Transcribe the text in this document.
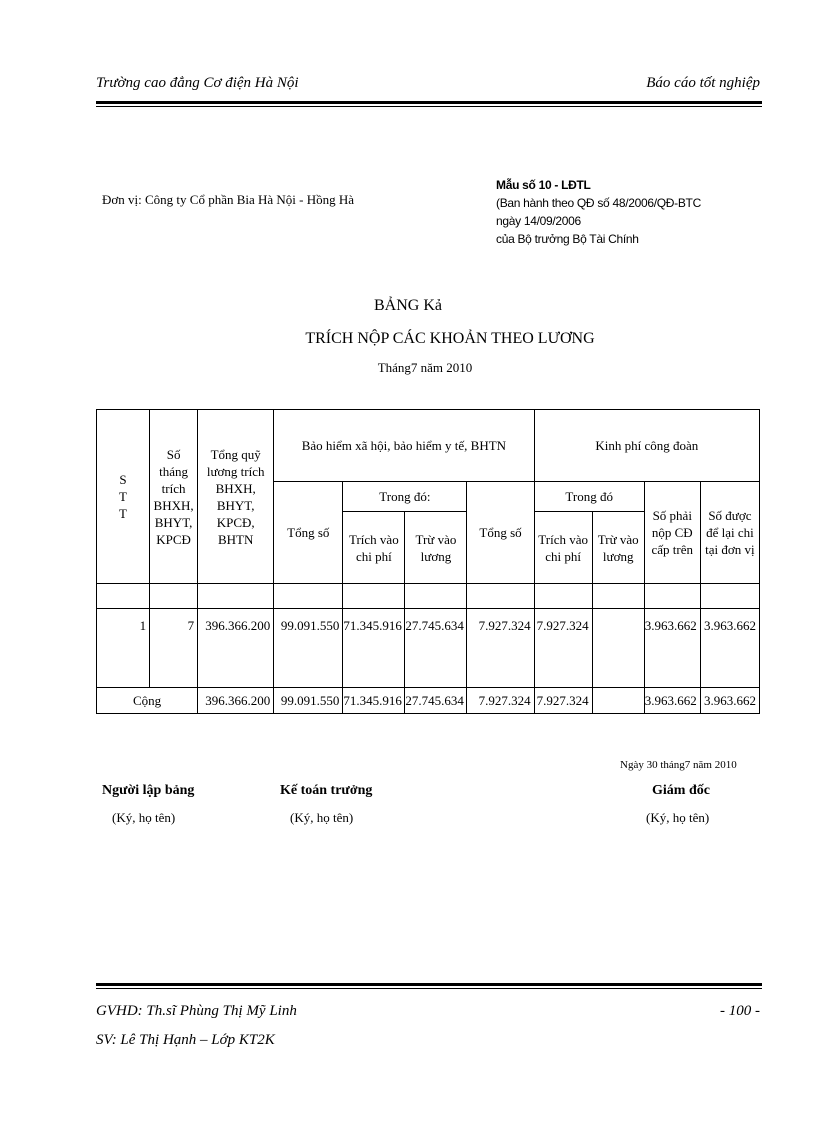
Trường cao đẳng Cơ điện Hà Nội	Báo cáo tốt nghiệp
Đơn vị: Công ty Cổ phần Bia Hà Nội - Hồng Hà
Mẫu số 10 - LĐTL
(Ban hành theo QĐ số 48/2006/QĐ-BTC
ngày 14/09/2006
của Bộ trưởng Bộ Tài Chính
BẢNG Kả
TRÍCH NỘP CÁC KHOẢN THEO LƯƠNG
Tháng7 năm 2010
S
T
T	Số tháng trích BHXH, BHYT, KPCĐ	Tổng quỹ lương trích BHXH, BHYT, KPCĐ, BHTN	Bảo hiểm xã hội, bảo hiểm y tế, BHTN				Kinh phí công đoàn			
			Tổng số	Trong đó:		Tổng số	Trong đó		Số phải nộp CĐ cấp trên	Số được để lại chi tại đơn vị
				Trích vào chi phí	Trừ vào lương		Trích vào chi phí	Trừ vào lương		

1	7	396.366.200	99.091.550	71.345.916	27.745.634	7.927.324	7.927.324		3.963.662	3.963.662
Cộng		396.366.200	99.091.550	71.345.916	27.745.634	7.927.324	7.927.324		3.963.662	3.963.662
Ngày 30 tháng7 năm 2010
Người lập bảng
(Ký, họ tên)
Kế toán trưởng
(Ký, họ tên)
Giám đốc
(Ký, họ tên)
GVHD: Th.sĩ Phùng Thị Mỹ Linh
SV: Lê Thị Hạnh – Lớp KT2K
- 100 -
